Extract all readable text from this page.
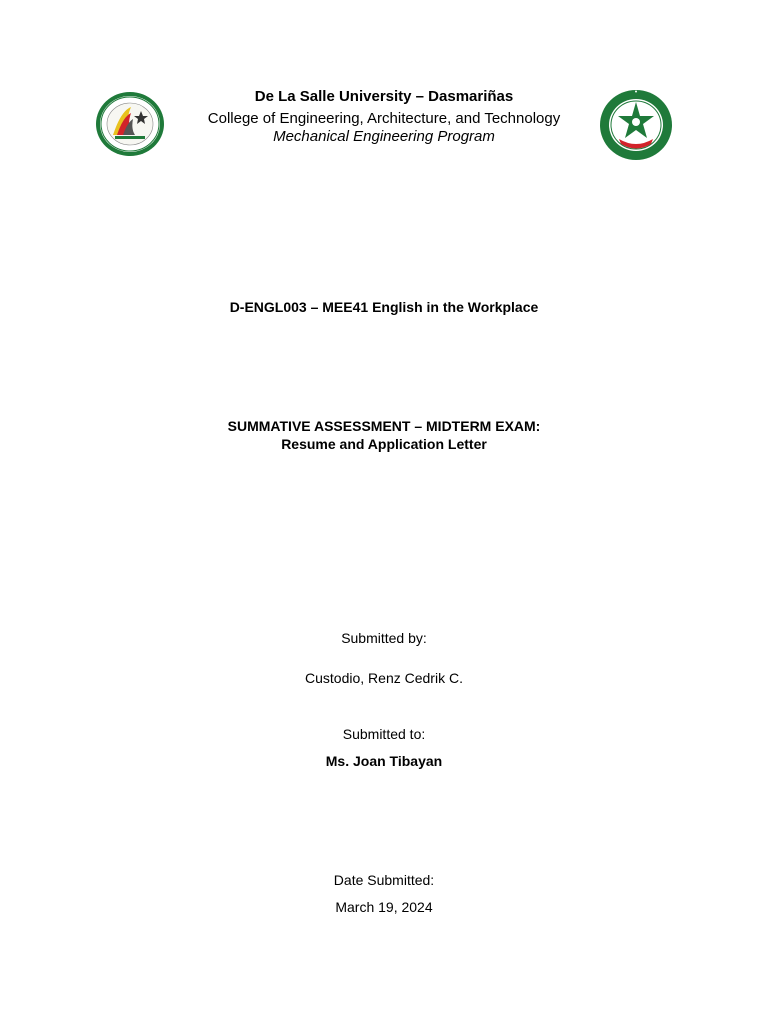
De La Salle University – Dasmariñas
College of Engineering, Architecture, and Technology
Mechanical Engineering Program
D-ENGL003 – MEE41 English in the Workplace
SUMMATIVE ASSESSMENT – MIDTERM EXAM:
Resume and Application Letter
Submitted by:
Custodio, Renz Cedrik C.
Submitted to:
Ms. Joan Tibayan
Date Submitted:
March 19, 2024
